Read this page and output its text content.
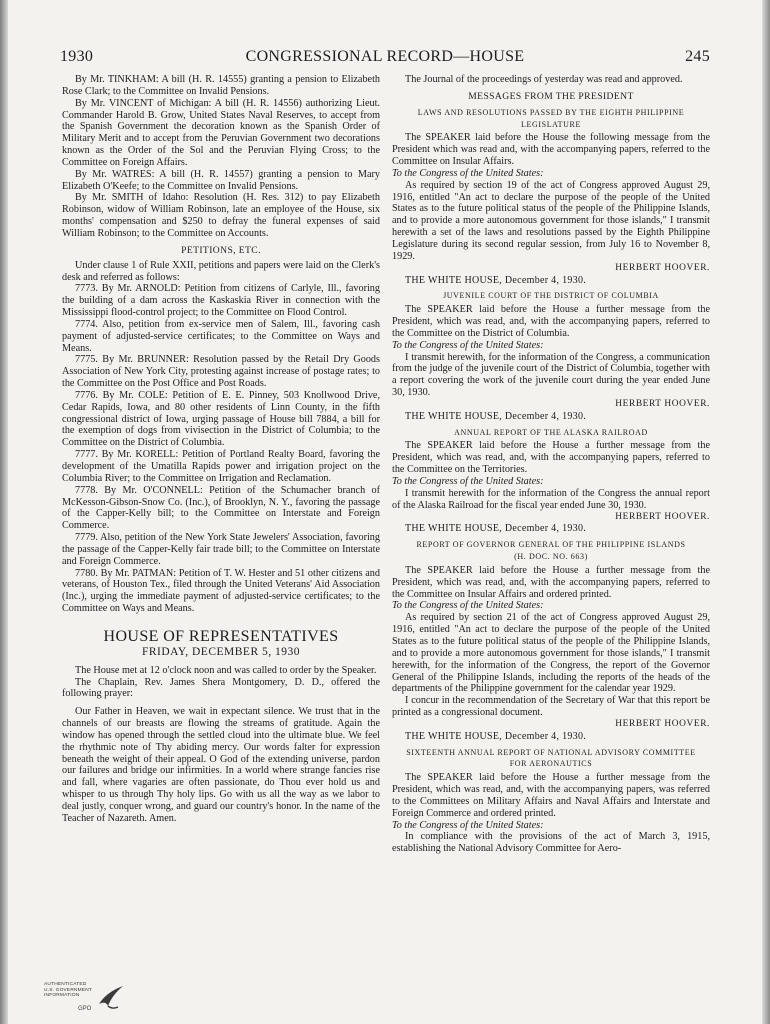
1930	CONGRESSIONAL RECORD—HOUSE	245

By Mr. TINKHAM: A bill (H. R. 14555) granting a pension to Elizabeth Rose Clark; to the Committee on Invalid Pensions.

By Mr. VINCENT of Michigan: A bill (H. R. 14556) authorizing Lieut. Commander Harold B. Grow, United States Naval Reserves, to accept from the Spanish Government the decoration known as the Spanish Order of Military Merit and to accept from the Peruvian Government two decorations known as the Order of the Sol and the Peruvian Flying Cross; to the Committee on Foreign Affairs.

By Mr. WATRES: A bill (H. R. 14557) granting a pension to Mary Elizabeth O'Keefe; to the Committee on Invalid Pensions.

By Mr. SMITH of Idaho: Resolution (H. Res. 312) to pay Elizabeth Robinson, widow of William Robinson, late an employee of the House, six months' compensation and $250 to defray the funeral expenses of said William Robinson; to the Committee on Accounts.

PETITIONS, ETC.

Under clause 1 of Rule XXII, petitions and papers were laid on the Clerk's desk and referred as follows:

7773. By Mr. ARNOLD: Petition from citizens of Carlyle, Ill., favoring the building of a dam across the Kaskaskia River in connection with the Mississippi flood-control project; to the Committee on Flood Control.

7774. Also, petition from ex-service men of Salem, Ill., favoring cash payment of adjusted-service certificates; to the Committee on Ways and Means.

7775. By Mr. BRUNNER: Resolution passed by the Retail Dry Goods Association of New York City, protesting against increase of postage rates; to the Committee on the Post Office and Post Roads.

7776. By Mr. COLE: Petition of E. E. Pinney, 503 Knollwood Drive, Cedar Rapids, Iowa, and 80 other residents of Linn County, in the fifth congressional district of Iowa, urging passage of House bill 7884, a bill for the exemption of dogs from vivisection in the District of Columbia; to the Committee on the District of Columbia.

7777. By Mr. KORELL: Petition of Portland Realty Board, favoring the development of the Umatilla Rapids power and irrigation project on the Columbia River; to the Committee on Irrigation and Reclamation.

7778. By Mr. O'CONNELL: Petition of the Schumacher branch of McKesson-Gibson-Snow Co. (Inc.), of Brooklyn, N. Y., favoring the passage of the Capper-Kelly bill; to the Committee on Interstate and Foreign Commerce.

7779. Also, petition of the New York State Jewelers' Association, favoring the passage of the Capper-Kelly fair trade bill; to the Committee on Interstate and Foreign Commerce.

7780. By Mr. PATMAN: Petition of T. W. Hester and 51 other citizens and veterans, of Houston Tex., filed through the United Veterans' Aid Association (Inc.), urging the immediate payment of adjusted-service certificates; to the Committee on Ways and Means.

HOUSE OF REPRESENTATIVES
FRIDAY, DECEMBER 5, 1930

The House met at 12 o'clock noon and was called to order by the Speaker.

The Chaplain, Rev. James Shera Montgomery, D. D., offered the following prayer:

Our Father in Heaven, we wait in expectant silence. We trust that in the channels of our breasts are flowing the streams of gratitude. Again the window has opened through the settled cloud into the ultimate blue. We feel the rhythmic note of Thy abiding mercy. Our words falter for expression beneath the weight of their appeal. O God of the extending universe, pardon our failures and bridge our infirmities. In a world where strange fancies rise and fall, where vagaries are often passionate, do Thou ever hold us and whisper to us through Thy holy lips. Go with us all the way as we labor to deal justly, conquer wrong, and guard our country's honor. In the name of the Teacher of Nazareth. Amen.

The Journal of the proceedings of yesterday was read and approved.

MESSAGES FROM THE PRESIDENT
LAWS AND RESOLUTIONS PASSED BY THE EIGHTH PHILIPPINE
LEGISLATURE

The SPEAKER laid before the House the following message from the President which was read and, with the accompanying papers, referred to the Committee on Insular Affairs.

To the Congress of the United States:

As required by section 19 of the act of Congress approved August 29, 1916, entitled "An act to declare the purpose of the people of the United States as to the future political status of the people of the Philippine Islands, and to provide a more autonomous government for those islands," I transmit herewith a set of the laws and resolutions passed by the Eighth Philippine Legislature during its second regular session, from July 16 to November 8, 1929.

HERBERT HOOVER.

THE WHITE HOUSE, December 4, 1930.

JUVENILE COURT OF THE DISTRICT OF COLUMBIA

The SPEAKER laid before the House a further message from the President, which was read, and, with the accompanying papers, referred to the Committee on the District of Columbia.

To the Congress of the United States:

I transmit herewith, for the information of the Congress, a communication from the judge of the juvenile court of the District of Columbia, together with a report covering the work of the juvenile court during the year ended June 30, 1930.

HERBERT HOOVER.

THE WHITE HOUSE, December 4, 1930.

ANNUAL REPORT OF THE ALASKA RAILROAD

The SPEAKER laid before the House a further message from the President, which was read, and, with the accompanying papers, referred to the Committee on the Territories.

To the Congress of the United States:

I transmit herewith for the information of the Congress the annual report of the Alaska Railroad for the fiscal year ended June 30, 1930.

HERBERT HOOVER.

THE WHITE HOUSE, December 4, 1930.

REPORT OF GOVERNOR GENERAL OF THE PHILIPPINE ISLANDS
(H. DOC. NO. 663)

The SPEAKER laid before the House a further message from the President, which was read, and, with the accompanying papers, referred to the Committee on Insular Affairs and ordered printed.

To the Congress of the United States:

As required by section 21 of the act of Congress approved August 29, 1916, entitled "An act to declare the purpose of the people of the United States as to the future political status of the people of the Philippine Islands, and to provide a more autonomous government for those islands," I transmit herewith, for the information of the Congress, the report of the Governor General of the Philippine Islands, including the reports of the heads of the departments of the Philippine government for the calendar year 1929.

I concur in the recommendation of the Secretary of War that this report be printed as a congressional document.

HERBERT HOOVER.

THE WHITE HOUSE, December 4, 1930.

SIXTEENTH ANNUAL REPORT OF NATIONAL ADVISORY COMMITTEE
FOR AERONAUTICS

The SPEAKER laid before the House a further message from the President, which was read, and, with the accompanying papers, was referred to the Committees on Military Affairs and Naval Affairs and Interstate and Foreign Commerce and ordered printed.

To the Congress of the United States:

In compliance with the provisions of the act of March 3, 1915, establishing the National Advisory Committee for Aero-

AUTHENTICATED
U.S. GOVERNMENT
INFORMATION
GPO
